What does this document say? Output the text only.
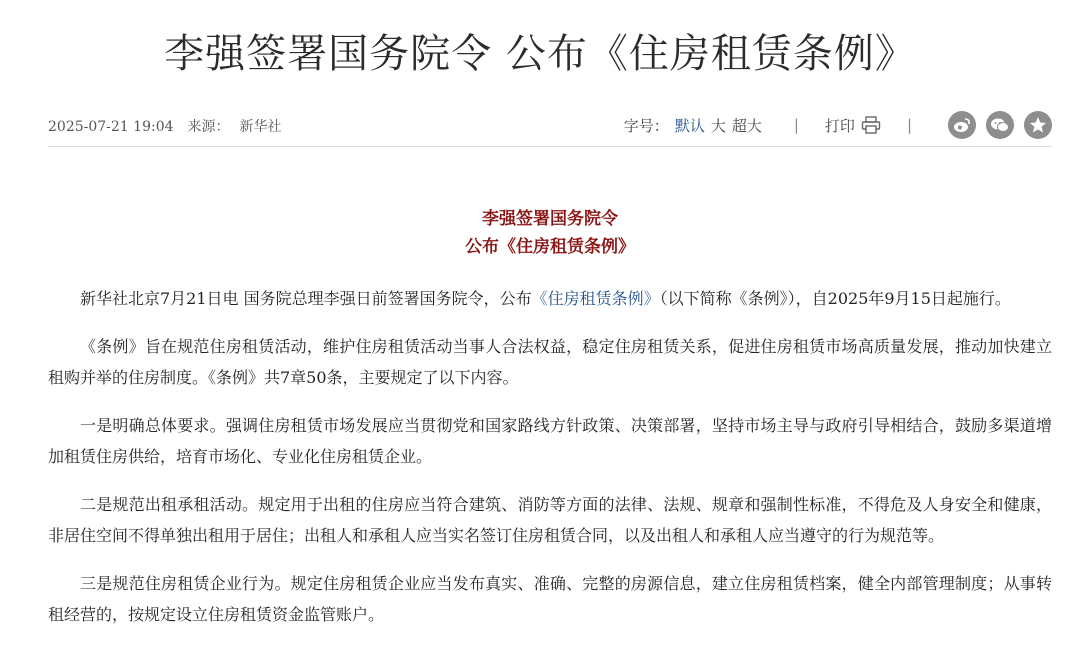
李强签署国务院令 公布《住房租赁条例》
2025-07-21 19:04 来源： 新华社	字号： 默认 大 超大 | 打印	|
李强签署国务院令
公布《住房租赁条例》

新华社北京7月21日电 国务院总理李强日前签署国务院令，公布《住房租赁条例》（以下简称《条例》），自2025年9月15日起施行。

《条例》旨在规范住房租赁活动，维护住房租赁活动当事人合法权益，稳定住房租赁关系，促进住房租赁市场高质量发展，推动加快建立租购并举的住房制度。《条例》共7章50条，主要规定了以下内容。

一是明确总体要求。强调住房租赁市场发展应当贯彻党和国家路线方针政策、决策部署，坚持市场主导与政府引导相结合，鼓励多渠道增加租赁住房供给，培育市场化、专业化住房租赁企业。

二是规范出租承租活动。规定用于出租的住房应当符合建筑、消防等方面的法律、法规、规章和强制性标准，不得危及人身安全和健康，非居住空间不得单独出租用于居住；出租人和承租人应当实名签订住房租赁合同，以及出租人和承租人应当遵守的行为规范等。

三是规范住房租赁企业行为。规定住房租赁企业应当发布真实、准确、完整的房源信息，建立住房租赁档案，健全内部管理制度；从事转租经营的，按规定设立住房租赁资金监管账户。
